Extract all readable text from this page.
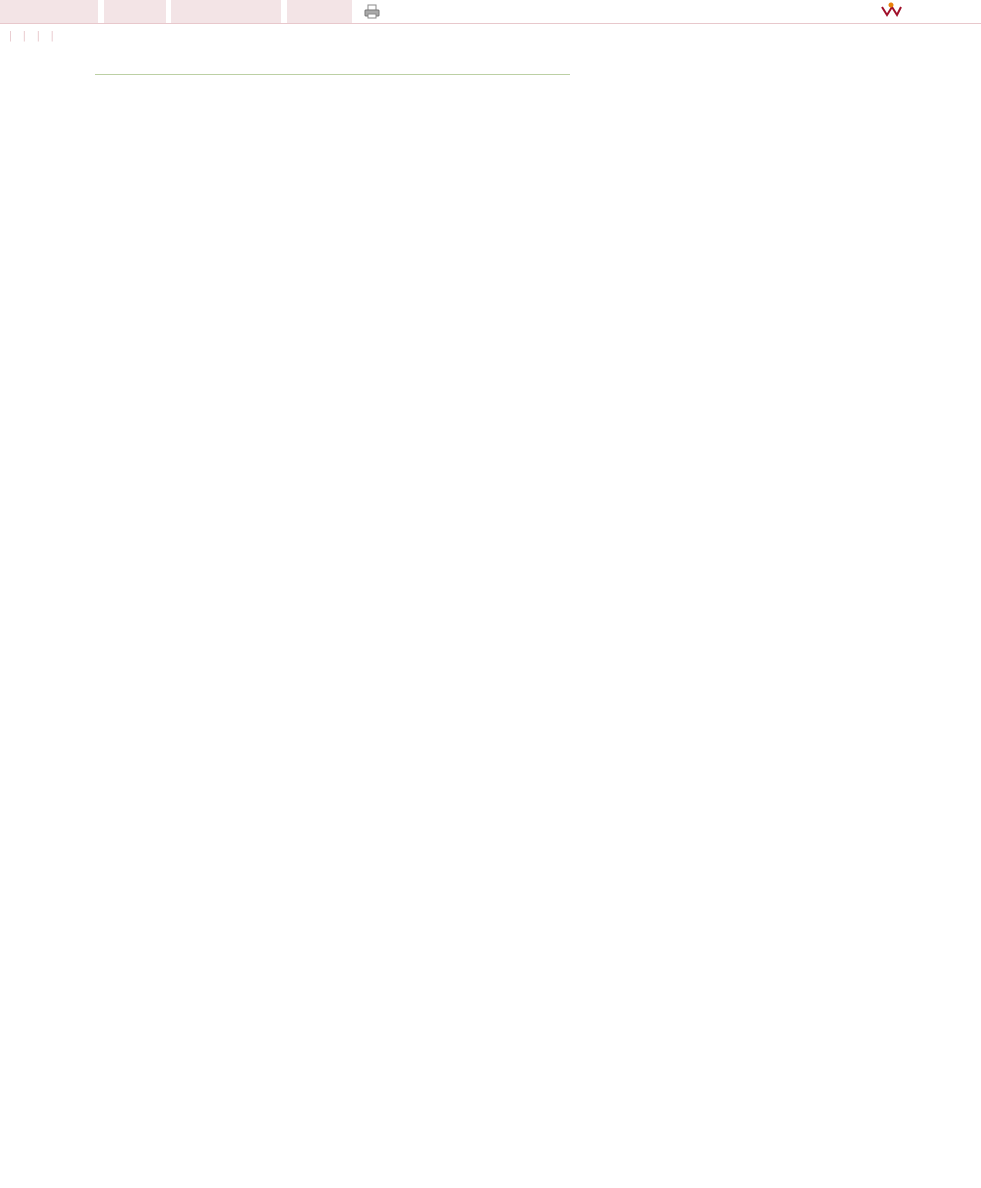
| | | |
